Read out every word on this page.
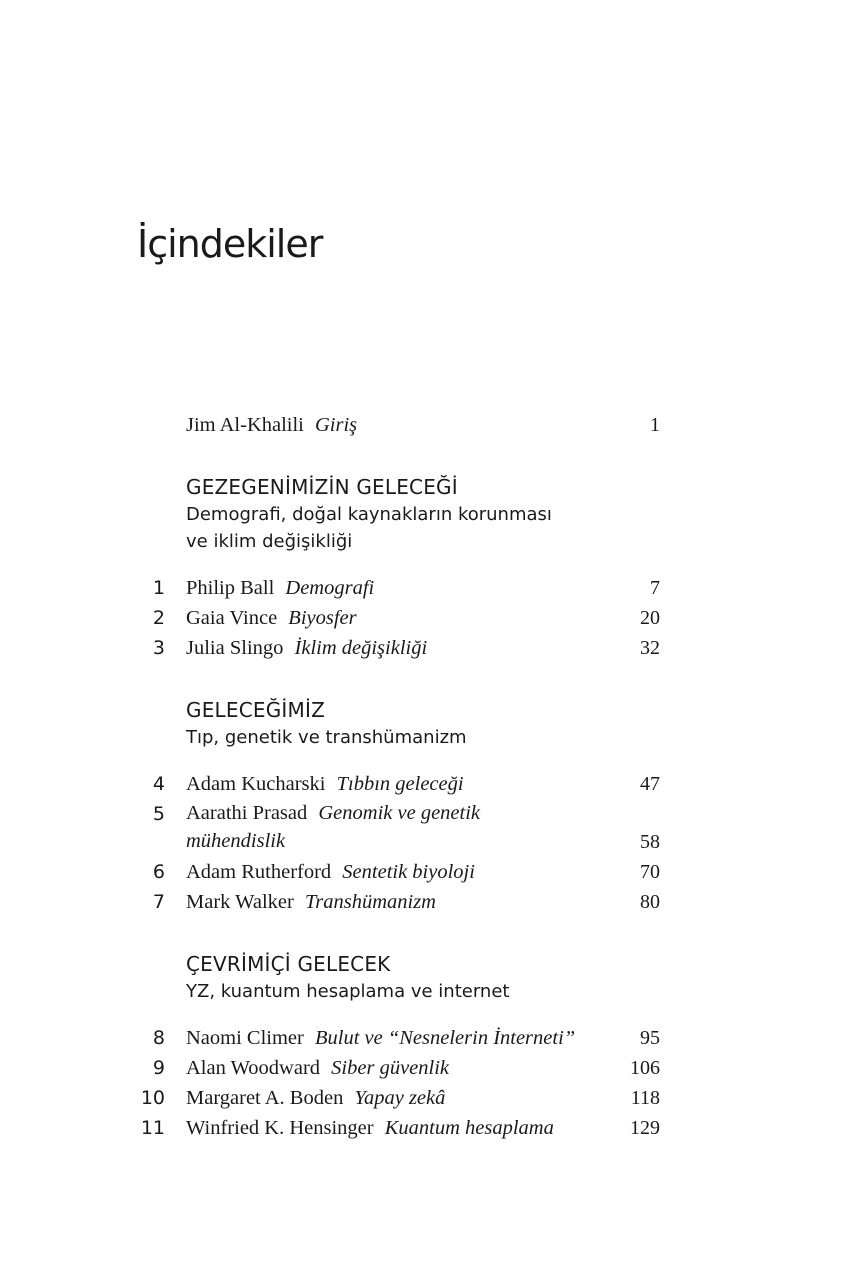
İçindekiler
Jim Al-Khalili Giriş	1
GEZEGENİMİZİN GELECEĞİ
Demografi, doğal kaynakların korunması
ve iklim değişikliği
1 Philip Ball Demografi	7
2 Gaia Vince Biyosfer	20
3 Julia Slingo İklim değişikliği	32
GELECEĞİMİZ
Tıp, genetik ve transhümanizm
4 Adam Kucharski Tıbbın geleceği	47
5 Aarathi Prasad Genomik ve genetik mühendislik	58
6 Adam Rutherford Sentetik biyoloji	70
7 Mark Walker Transhümanizm	80
ÇEVRİMİÇİ GELECEK
YZ, kuantum hesaplama ve internet
8 Naomi Climer Bulut ve “Nesnelerin İnterneti”	95
9 Alan Woodward Siber güvenlik	106
10 Margaret A. Boden Yapay zekâ	118
11 Winfried K. Hensinger Kuantum hesaplama	129
